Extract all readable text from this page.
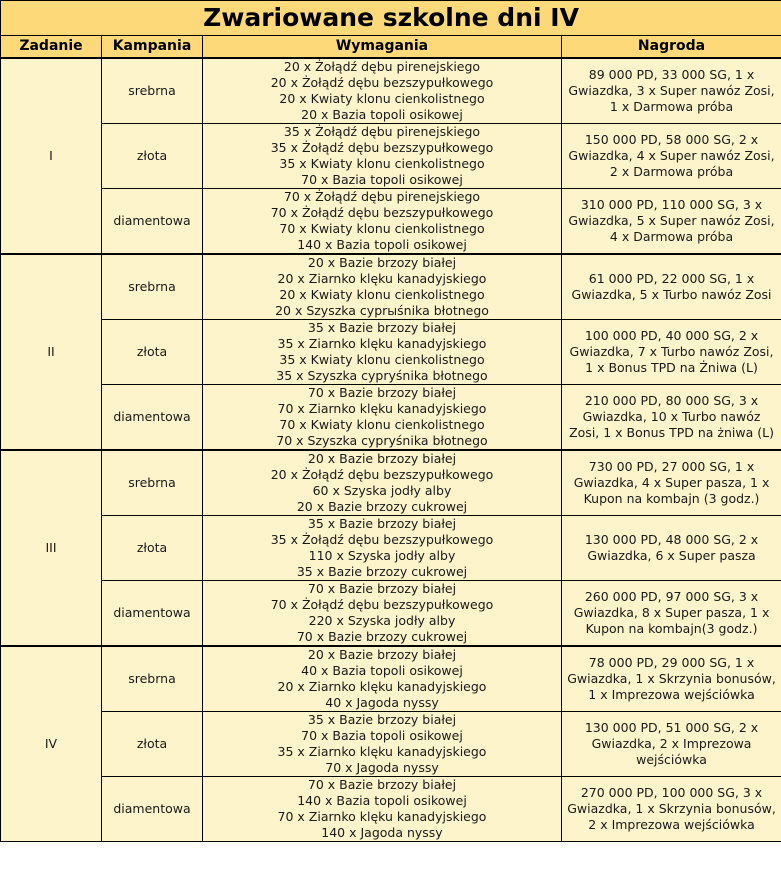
Zwariowane szkolne dni IV			
Zadanie	Kampania	Wymagania	Nagroda
I	srebrna	20 x Żołądź dębu pirenejskiego
20 x Żołądź dębu bezszypułkowego
20 x Kwiaty klonu cienkolistnego
20 x Bazia topoli osikowej	89 000 PD, 33 000 SG, 1 x Gwiazdka, 3 x Super nawóz Zosi, 1 x Darmowa próba

	złota	35 x Żołądź dębu pirenejskiego
35 x Żołądź dębu bezszypułkowego
35 x Kwiaty klonu cienkolistnego
70 x Bazia topoli osikowej	150 000 PD, 58 000 SG, 2 x Gwiazdka, 4 x Super nawóz Zosi, 2 x Darmowa próba

	diamentowa	70 x Żołądź dębu pirenejskiego
70 x Żołądź dębu bezszypułkowego
70 x Kwiaty klonu cienkolistnego
140 x Bazia topoli osikowej	310 000 PD, 110 000 SG, 3 x Gwiazdka, 5 x Super nawóz Zosi, 4 x Darmowa próba

II	srebrna	20 x Bazie brzozy białej
20 x Ziarnko klęku kanadyjskiego
20 x Kwiaty klonu cienkolistnego
20 x Szyszka cyprыśnika błotnego	61 000 PD, 22 000 SG, 1 x Gwiazdka, 5 x Turbo nawóz Zosi

	złota	35 x Bazie brzozy białej
35 x Ziarnko klęku kanadyjskiego
35 x Kwiaty klonu cienkolistnego
35 x Szyszka cypryśnika błotnego	100 000 PD, 40 000 SG, 2 x Gwiazdka, 7 x Turbo nawóz Zosi, 1 x Bonus TPD na Żniwa (L)

	diamentowa	70 x Bazie brzozy białej
70 x Ziarnko klęku kanadyjskiego
70 x Kwiaty klonu cienkolistnego
70 x Szyszka cypryśnika błotnego	210 000 PD, 80 000 SG, 3 x Gwiazdka, 10 x Turbo nawóz Zosi, 1 x Bonus TPD na żniwa (L)

III	srebrna	20 x Bazie brzozy białej
20 x Żołądź dębu bezszypułkowego
60 x Szyska jodły alby
20 x Bazie brzozy cukrowej	730 00 PD, 27 000 SG, 1 x Gwiazdka, 4 x Super pasza, 1 x Kupon na kombajn (3 godz.)

	złota	35 x Bazie brzozy białej
35 x Żołądź dębu bezszypułkowego
110 x Szyska jodły alby
35 x Bazie brzozy cukrowej	130 000 PD, 48 000 SG, 2 x Gwiazdka, 6 x Super pasza

	diamentowa	70 x Bazie brzozy białej
70 x Żołądź dębu bezszypułkowego
220 x Szyska jodły alby
70 x Bazie brzozy cukrowej	260 000 PD, 97 000 SG, 3 x Gwiazdka, 8 x Super pasza, 1 x Kupon na kombajn(3 godz.)

IV	srebrna	20 x Bazie brzozy białej
40 x Bazia topoli osikowej
20 x Ziarnko klęku kanadyjskiego
40 x Jagoda nyssy	78 000 PD, 29 000 SG, 1 x Gwiazdka, 1 x Skrzynia bonusów, 1 x Imprezowa wejściówka

	złota	35 x Bazie brzozy białej
70 x Bazia topoli osikowej
35 x Ziarnko klęku kanadyjskiego
70 x Jagoda nyssy	130 000 PD, 51 000 SG, 2 x Gwiazdka, 2 x Imprezowa wejściówka

	diamentowa	70 x Bazie brzozy białej
140 x Bazia topoli osikowej
70 x Ziarnko klęku kanadyjskiego
140 x Jagoda nyssy	270 000 PD, 100 000 SG, 3 x Gwiazdka, 1 x Skrzynia bonusów, 2 x Imprezowa wejściówka
